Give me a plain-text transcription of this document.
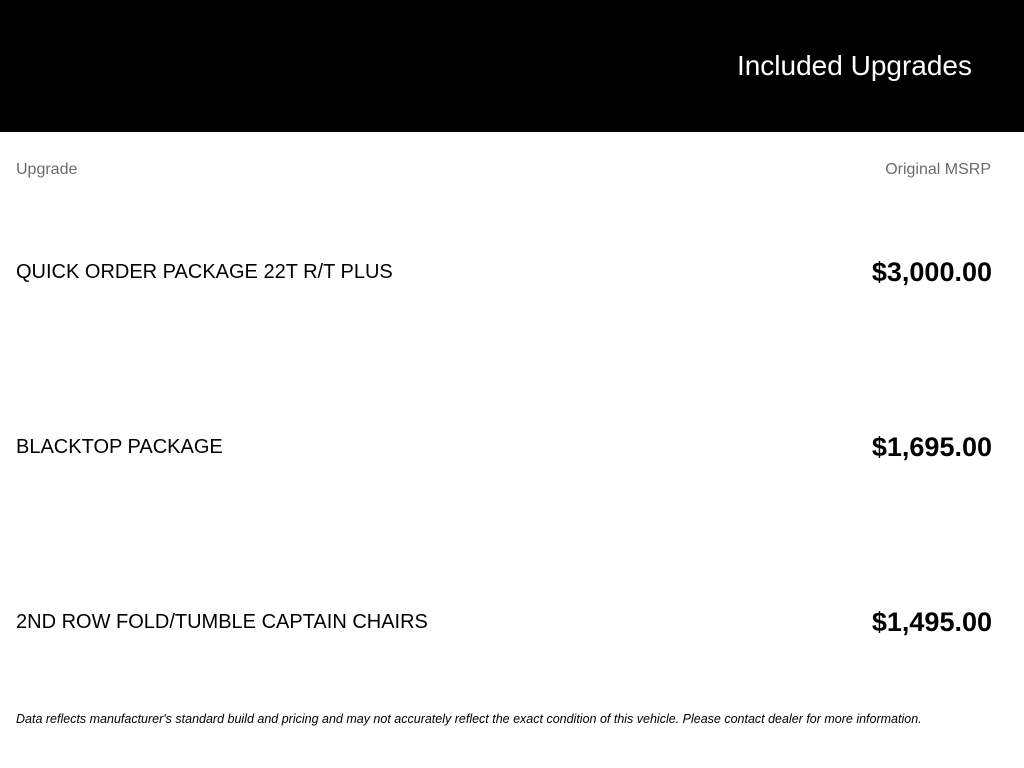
Included Upgrades
Upgrade	Original MSRP
QUICK ORDER PACKAGE 22T R/T PLUS	$3,000.00
BLACKTOP PACKAGE	$1,695.00
2ND ROW FOLD/TUMBLE CAPTAIN CHAIRS	$1,495.00

Data reflects manufacturer's standard build and pricing and may not accurately reflect the exact condition of this vehicle. Please contact dealer for more information.
